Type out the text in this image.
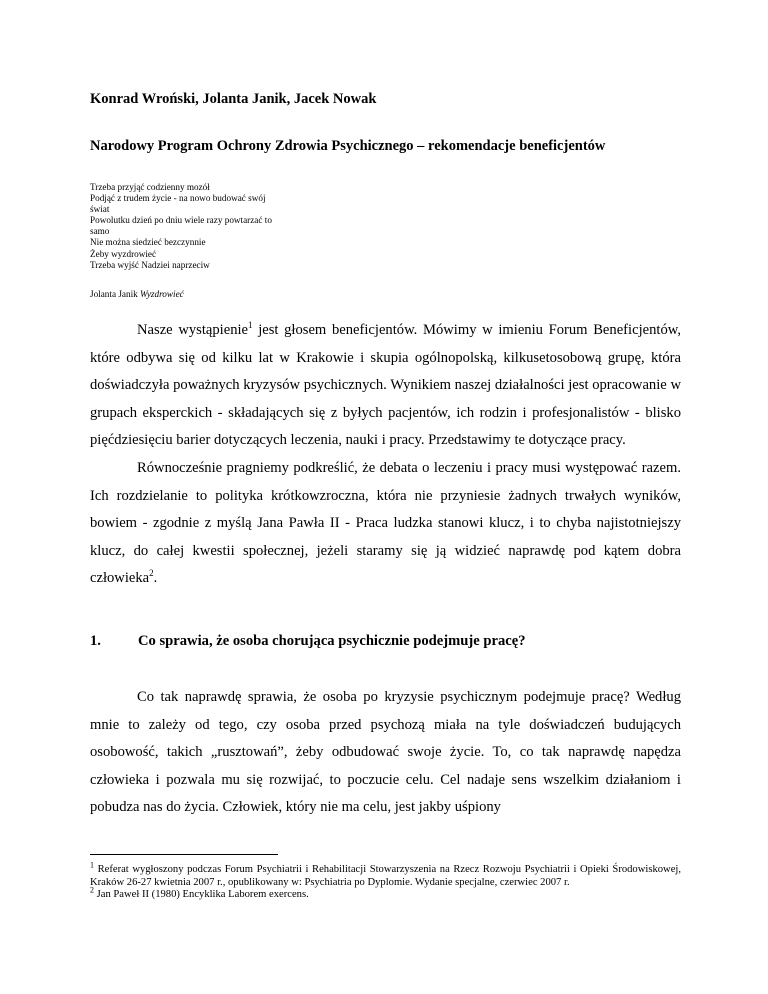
Konrad Wroński, Jolanta Janik, Jacek Nowak
Narodowy Program Ochrony Zdrowia Psychicznego – rekomendacje beneficjentów
Trzeba przyjąć codzienny mozół
Podjąć z trudem życie - na nowo budować swój
świat
Powolutku dzień po dniu wiele razy powtarzać to
samo
Nie można siedzieć bezczynnie
Żeby wyzdrowieć
Trzeba wyjść Nadziei naprzeciw
Jolanta Janik Wyzdrowieć

Nasze wystąpienie$^1$ jest głosem beneficjentów. Mówimy w imieniu Forum Beneficjentów, które odbywa się od kilku lat w Krakowie i skupia ogólnopolską, kilkusetosobową grupę, która doświadczyła poważnych kryzysów psychicznych. Wynikiem naszej działalności jest opracowanie w grupach eksperckich - składających się z byłych pacjentów, ich rodzin i profesjonalistów - blisko pięćdziesięciu barier dotyczących leczenia, nauki i pracy. Przedstawimy te dotyczące pracy.

Równocześnie pragniemy podkreślić, że debata o leczeniu i pracy musi występować razem. Ich rozdzielanie to polityka krótkowzroczna, która nie przyniesie żadnych trwałych wyników, bowiem - zgodnie z myślą Jana Pawła II - Praca ludzka stanowi klucz, i to chyba najistotniejszy klucz, do całej kwestii społecznej, jeżeli staramy się ją widzieć naprawdę pod kątem dobra człowieka$^2$.

1.	Co sprawia, że osoba chorująca psychicznie podejmuje pracę?

Co tak naprawdę sprawia, że osoba po kryzysie psychicznym podejmuje pracę? Według mnie to zależy od tego, czy osoba przed psychozą miała na tyle doświadczeń budujących osobowość, takich „rusztowań”, żeby odbudować swoje życie. To, co tak naprawdę napędza człowieka i pozwala mu się rozwijać, to poczucie celu. Cel nadaje sens wszelkim działaniom i pobudza nas do życia. Człowiek, który nie ma celu, jest jakby uśpiony

$^1$ Referat wygłoszony podczas Forum Psychiatrii i Rehabilitacji Stowarzyszenia na Rzecz Rozwoju Psychiatrii i Opieki Środowiskowej, Kraków 26-27 kwietnia 2007 r., opublikowany w: Psychiatria po Dyplomie. Wydanie specjalne, czerwiec 2007 r.

$^2$ Jan Paweł II (1980) Encyklika Laborem exercens.
